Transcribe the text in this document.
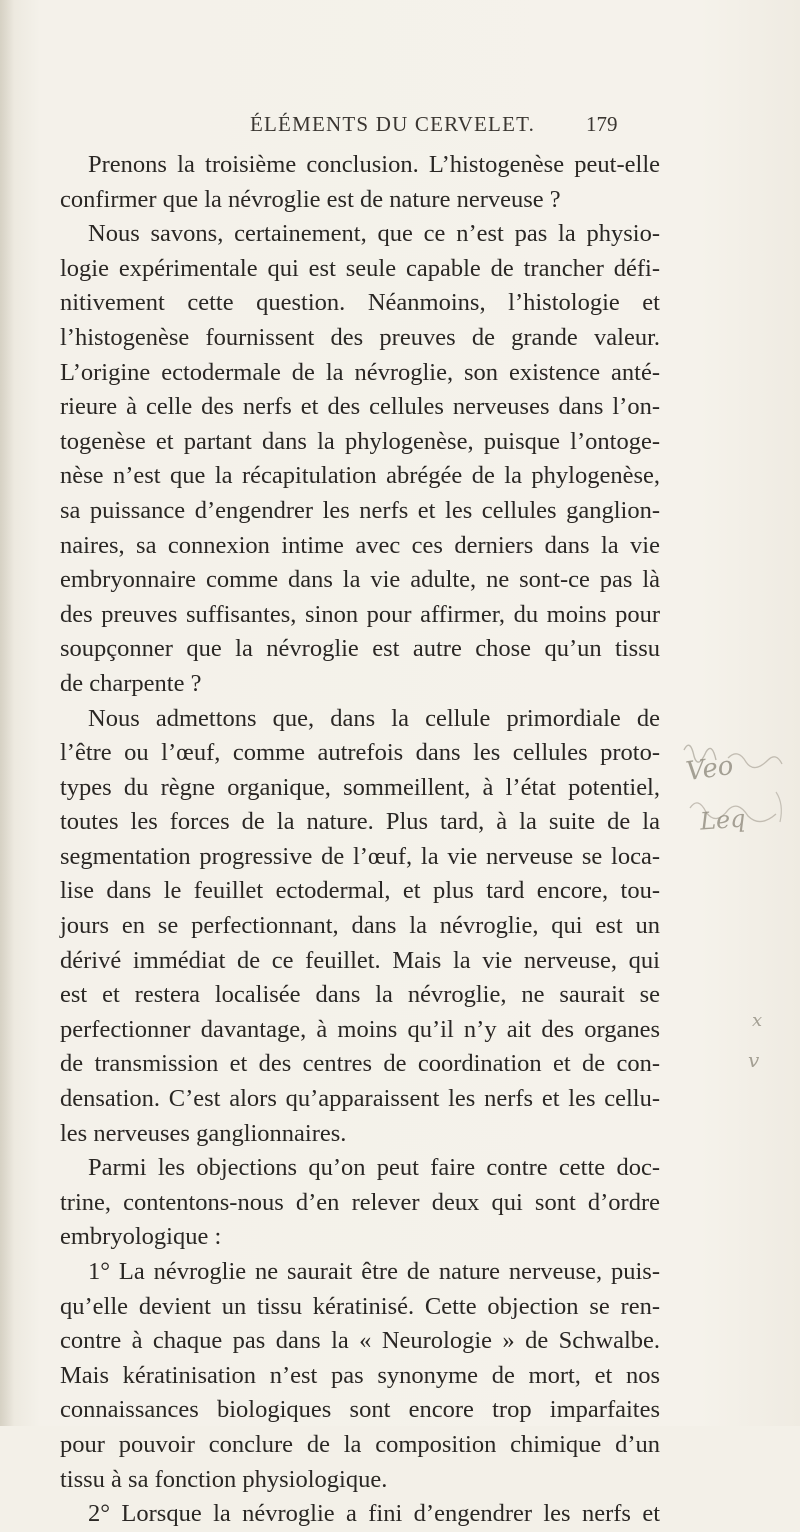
ÉLÉMENTS DU CERVELET. 179
Prenons la troisième conclusion. L’histogenèse peut-elle
confirmer que la névroglie est de nature nerveuse ?
Nous savons, certainement, que ce n’est pas la physio-
logie expérimentale qui est seule capable de trancher défi-
nitivement cette question. Néanmoins, l’histologie et
l’histogenèse fournissent des preuves de grande valeur.
L’origine ectodermale de la névroglie, son existence anté-
rieure à celle des nerfs et des cellules nerveuses dans l’on-
togenèse et partant dans la phylogenèse, puisque l’ontoge-
nèse n’est que la récapitulation abrégée de la phylogenèse,
sa puissance d’engendrer les nerfs et les cellules ganglion-
naires, sa connexion intime avec ces derniers dans la vie
embryonnaire comme dans la vie adulte, ne sont-ce pas là
des preuves suffisantes, sinon pour affirmer, du moins pour
soupçonner que la névroglie est autre chose qu’un tissu
de charpente ?
Nous admettons que, dans la cellule primordiale de
l’être ou l’œuf, comme autrefois dans les cellules proto-
types du règne organique, sommeillent, à l’état potentiel,
toutes les forces de la nature. Plus tard, à la suite de la
segmentation progressive de l’œuf, la vie nerveuse se loca-
lise dans le feuillet ectodermal, et plus tard encore, tou-
jours en se perfectionnant, dans la névroglie, qui est un
dérivé immédiat de ce feuillet. Mais la vie nerveuse, qui
est et restera localisée dans la névroglie, ne saurait se
perfectionner davantage, à moins qu’il n’y ait des organes
de transmission et des centres de coordination et de con-
densation. C’est alors qu’apparaissent les nerfs et les cellu-
les nerveuses ganglionnaires.
Parmi les objections qu’on peut faire contre cette doc-
trine, contentons-nous d’en relever deux qui sont d’ordre
embryologique :
1° La névroglie ne saurait être de nature nerveuse, puis-
qu’elle devient un tissu kératinisé. Cette objection se ren-
contre à chaque pas dans la « Neurologie » de Schwalbe.
Mais kératinisation n’est pas synonyme de mort, et nos
connaissances biologiques sont encore trop imparfaites
pour pouvoir conclure de la composition chimique d’un
tissu à sa fonction physiologique.
2° Lorsque la névroglie a fini d’engendrer les nerfs et
Veo
Leq
x
v
